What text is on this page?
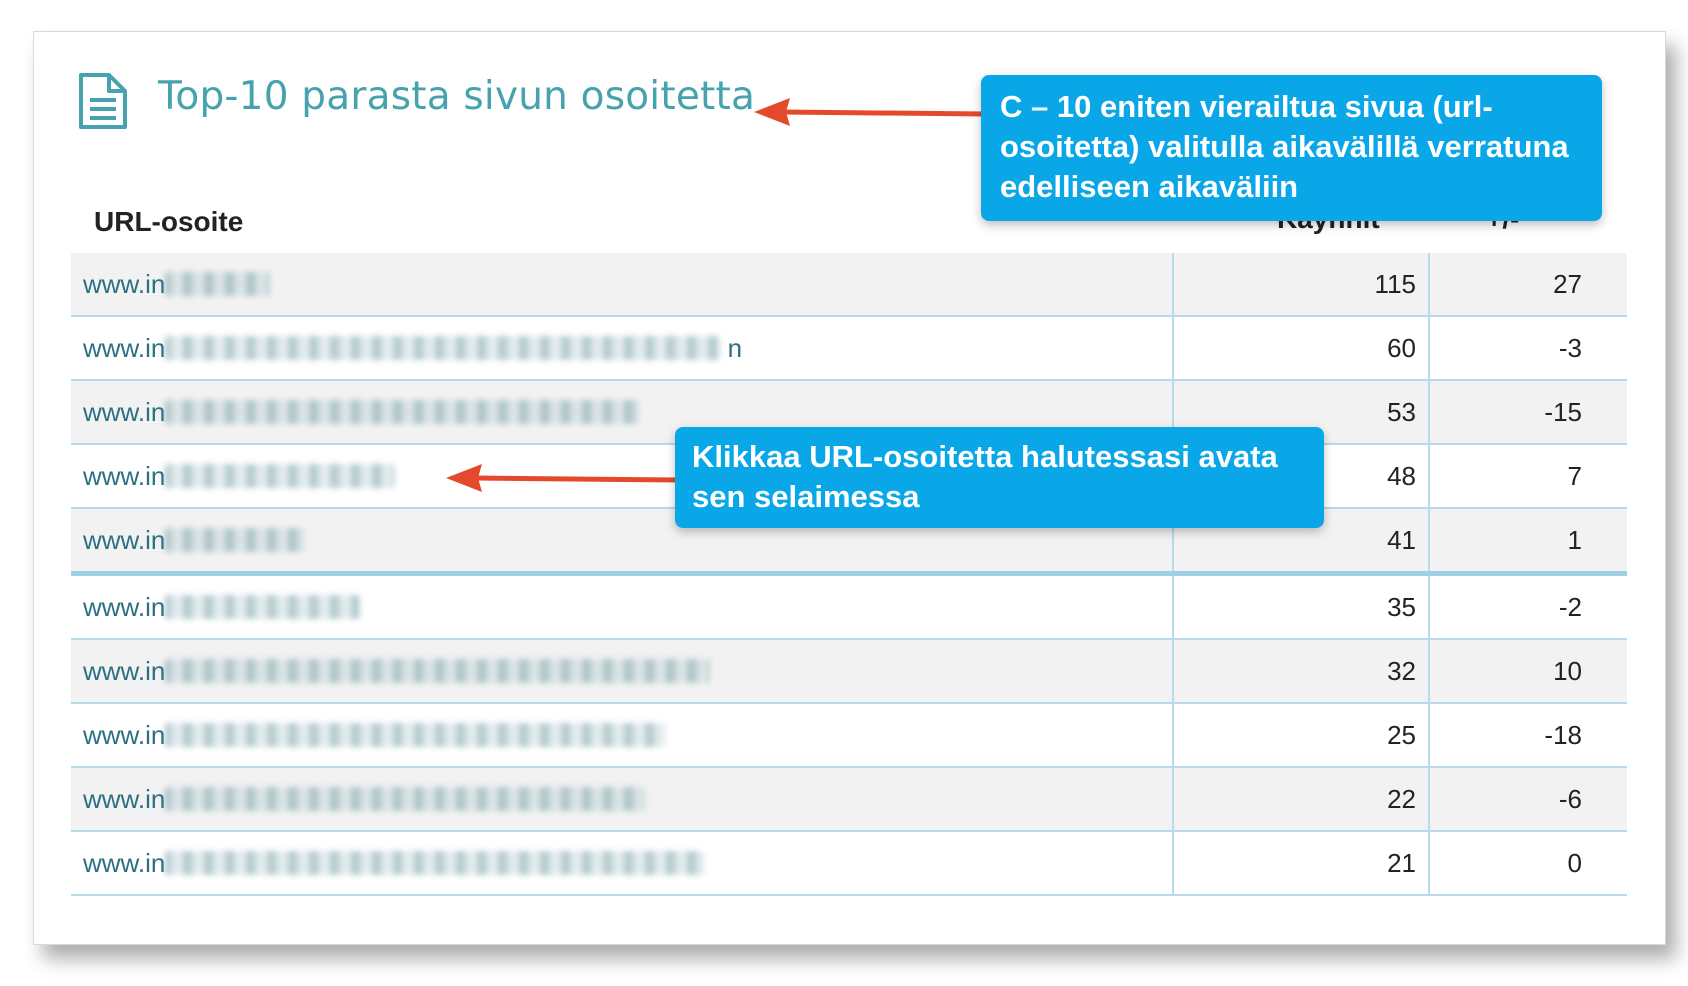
Top-10 parasta sivun osoitetta
URL-osoite
www.in	115	27
www.in n	60	-3
www.in	53	-15
www.in	48	7
www.in	41	1
www.in	35	-2
www.in	32	10
www.in	25	-18
www.in	22	-6
www.in	21	0
C – 10 eniten vierailtua sivua (url-
osoitetta) valitulla aikavälillä verratuna
edelliseen aikaväliin
Klikkaa URL-osoitetta halutessasi avata
sen selaimessa
